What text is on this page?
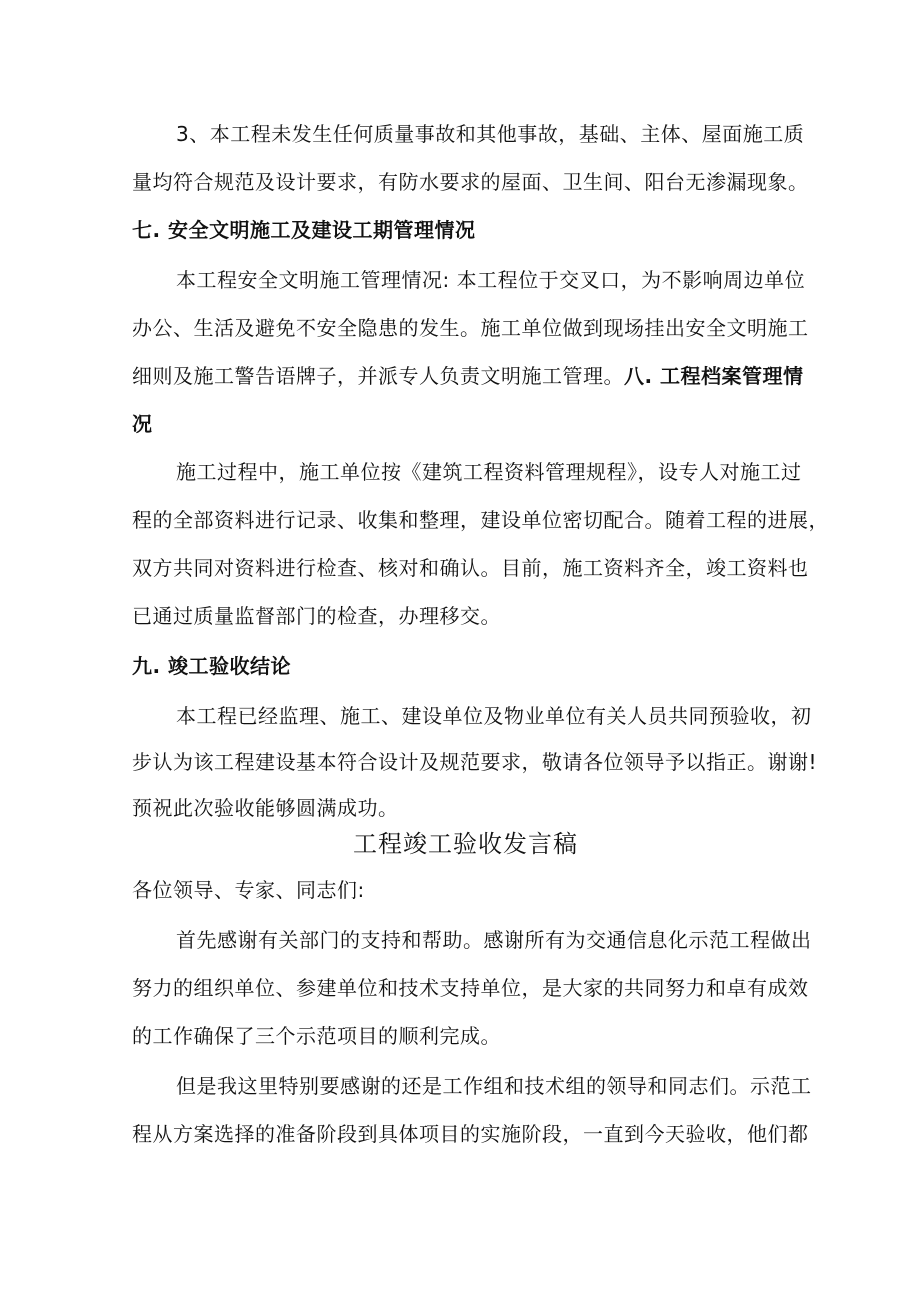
3、本工程未发生任何质量事故和其他事故，基础、主体、屋面施工质
量均符合规范及设计要求，有防水要求的屋面、卫生间、阳台无渗漏现象。
七. 安全文明施工及建设工期管理情况
本工程安全文明施工管理情况: 本工程位于交叉口，为不影响周边单位
办公、生活及避免不安全隐患的发生。施工单位做到现场挂出安全文明施工
细则及施工警告语牌子，并派专人负责文明施工管理。八. 工程档案管理情
况
施工过程中，施工单位按《建筑工程资料管理规程》，设专人对施工过
程的全部资料进行记录、收集和整理，建设单位密切配合。随着工程的进展，
双方共同对资料进行检查、核对和确认。目前，施工资料齐全，竣工资料也
已通过质量监督部门的检查，办理移交。
九. 竣工验收结论
本工程已经监理、施工、建设单位及物业单位有关人员共同预验收，初
步认为该工程建设基本符合设计及规范要求，敬请各位领导予以指正。谢谢!
预祝此次验收能够圆满成功。
工程竣工验收发言稿
各位领导、专家、同志们:
首先感谢有关部门的支持和帮助。感谢所有为交通信息化示范工程做出
努力的组织单位、参建单位和技术支持单位，是大家的共同努力和卓有成效
的工作确保了三个示范项目的顺利完成。
但是我这里特别要感谢的还是工作组和技术组的领导和同志们。示范工
程从方案选择的准备阶段到具体项目的实施阶段，一直到今天验收，他们都
